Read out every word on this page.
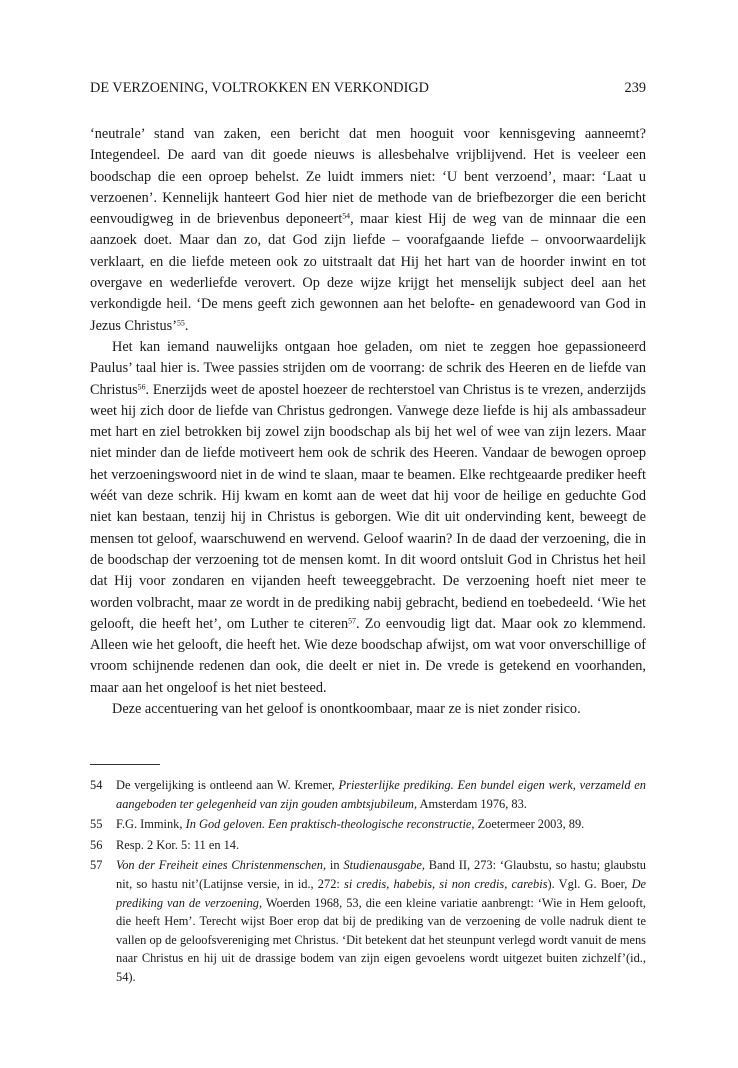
DE VERZOENING, VOLTROKKEN EN VERKONDIGD	239

‘neutrale’ stand van zaken, een bericht dat men hooguit voor kennisgeving aanneemt? Integendeel. De aard van dit goede nieuws is allesbehalve vrijblijvend. Het is veeleer een boodschap die een oproep behelst. Ze luidt immers niet: ‘U bent verzoend’, maar: ‘Laat u verzoenen’. Kennelijk hanteert God hier niet de methode van de briefbezorger die een bericht eenvoudigweg in de brievenbus deponeert$^{54}$, maar kiest Hij de weg van de minnaar die een aanzoek doet. Maar dan zo, dat God zijn liefde – voorafgaande liefde – onvoorwaardelijk verklaart, en die liefde meteen ook zo uitstraalt dat Hij het hart van de hoorder inwint en tot overgave en wederliefde verovert. Op deze wijze krijgt het menselijk subject deel aan het verkondigde heil. ‘De mens geeft zich gewonnen aan het belofte- en genadewoord van God in Jezus Christus’$^{55}$.

Het kan iemand nauwelijks ontgaan hoe geladen, om niet te zeggen hoe gepassioneerd Paulus’ taal hier is. Twee passies strijden om de voorrang: de schrik des Heeren en de liefde van Christus$^{56}$. Enerzijds weet de apostel hoezeer de rechterstoel van Christus is te vrezen, anderzijds weet hij zich door de liefde van Christus gedrongen. Vanwege deze liefde is hij als ambassadeur met hart en ziel betrokken bij zowel zijn boodschap als bij het wel of wee van zijn lezers. Maar niet minder dan de liefde motiveert hem ook de schrik des Heeren. Vandaar de bewogen oproep het verzoeningswoord niet in de wind te slaan, maar te beamen. Elke rechtgeaarde prediker heeft wéét van deze schrik. Hij kwam en komt aan de weet dat hij voor de heilige en geduchte God niet kan bestaan, tenzij hij in Christus is geborgen. Wie dit uit ondervinding kent, beweegt de mensen tot geloof, waarschuwend en wervend. Geloof waarin? In de daad der verzoening, die in de boodschap der verzoening tot de mensen komt. In dit woord ontsluit God in Christus het heil dat Hij voor zondaren en vijanden heeft teweeggebracht. De verzoening hoeft niet meer te worden volbracht, maar ze wordt in de prediking nabij gebracht, bediend en toebedeeld. ‘Wie het gelooft, die heeft het’, om Luther te citeren$^{57}$. Zo eenvoudig ligt dat. Maar ook zo klemmend. Alleen wie het gelooft, die heeft het. Wie deze boodschap afwijst, om wat voor onverschillige of vroom schijnende redenen dan ook, die deelt er niet in. De vrede is getekend en voorhanden, maar aan het ongeloof is het niet besteed.

Deze accentuering van het geloof is onontkoombaar, maar ze is niet zonder risico.

54	De vergelijking is ontleend aan W. Kremer, Priesterlijke prediking. Een bundel eigen werk, verzameld en aangeboden ter gelegenheid van zijn gouden ambtsjubileum, Amsterdam 1976, 83.
55	F.G. Immink, In God geloven. Een praktisch-theologische reconstructie, Zoetermeer 2003, 89.
56	Resp. 2 Kor. 5: 11 en 14.
57	Von der Freiheit eines Christenmenschen, in Studienausgabe, Band II, 273: ‘Glaubstu, so hastu; glaubstu nit, so hastu nit’(Latijnse versie, in id., 272: si credis, habebis, si non credis, carebis). Vgl. G. Boer, De prediking van de verzoening, Woerden 1968, 53, die een kleine variatie aanbrengt: ‘Wie in Hem gelooft, die heeft Hem’. Terecht wijst Boer erop dat bij de prediking van de verzoening de volle nadruk dient te vallen op de geloofsvereniging met Christus. ‘Dit betekent dat het steunpunt verlegd wordt vanuit de mens naar Christus en hij uit de drassige bodem van zijn eigen gevoelens wordt uitgezet buiten zichzelf’(id., 54).
